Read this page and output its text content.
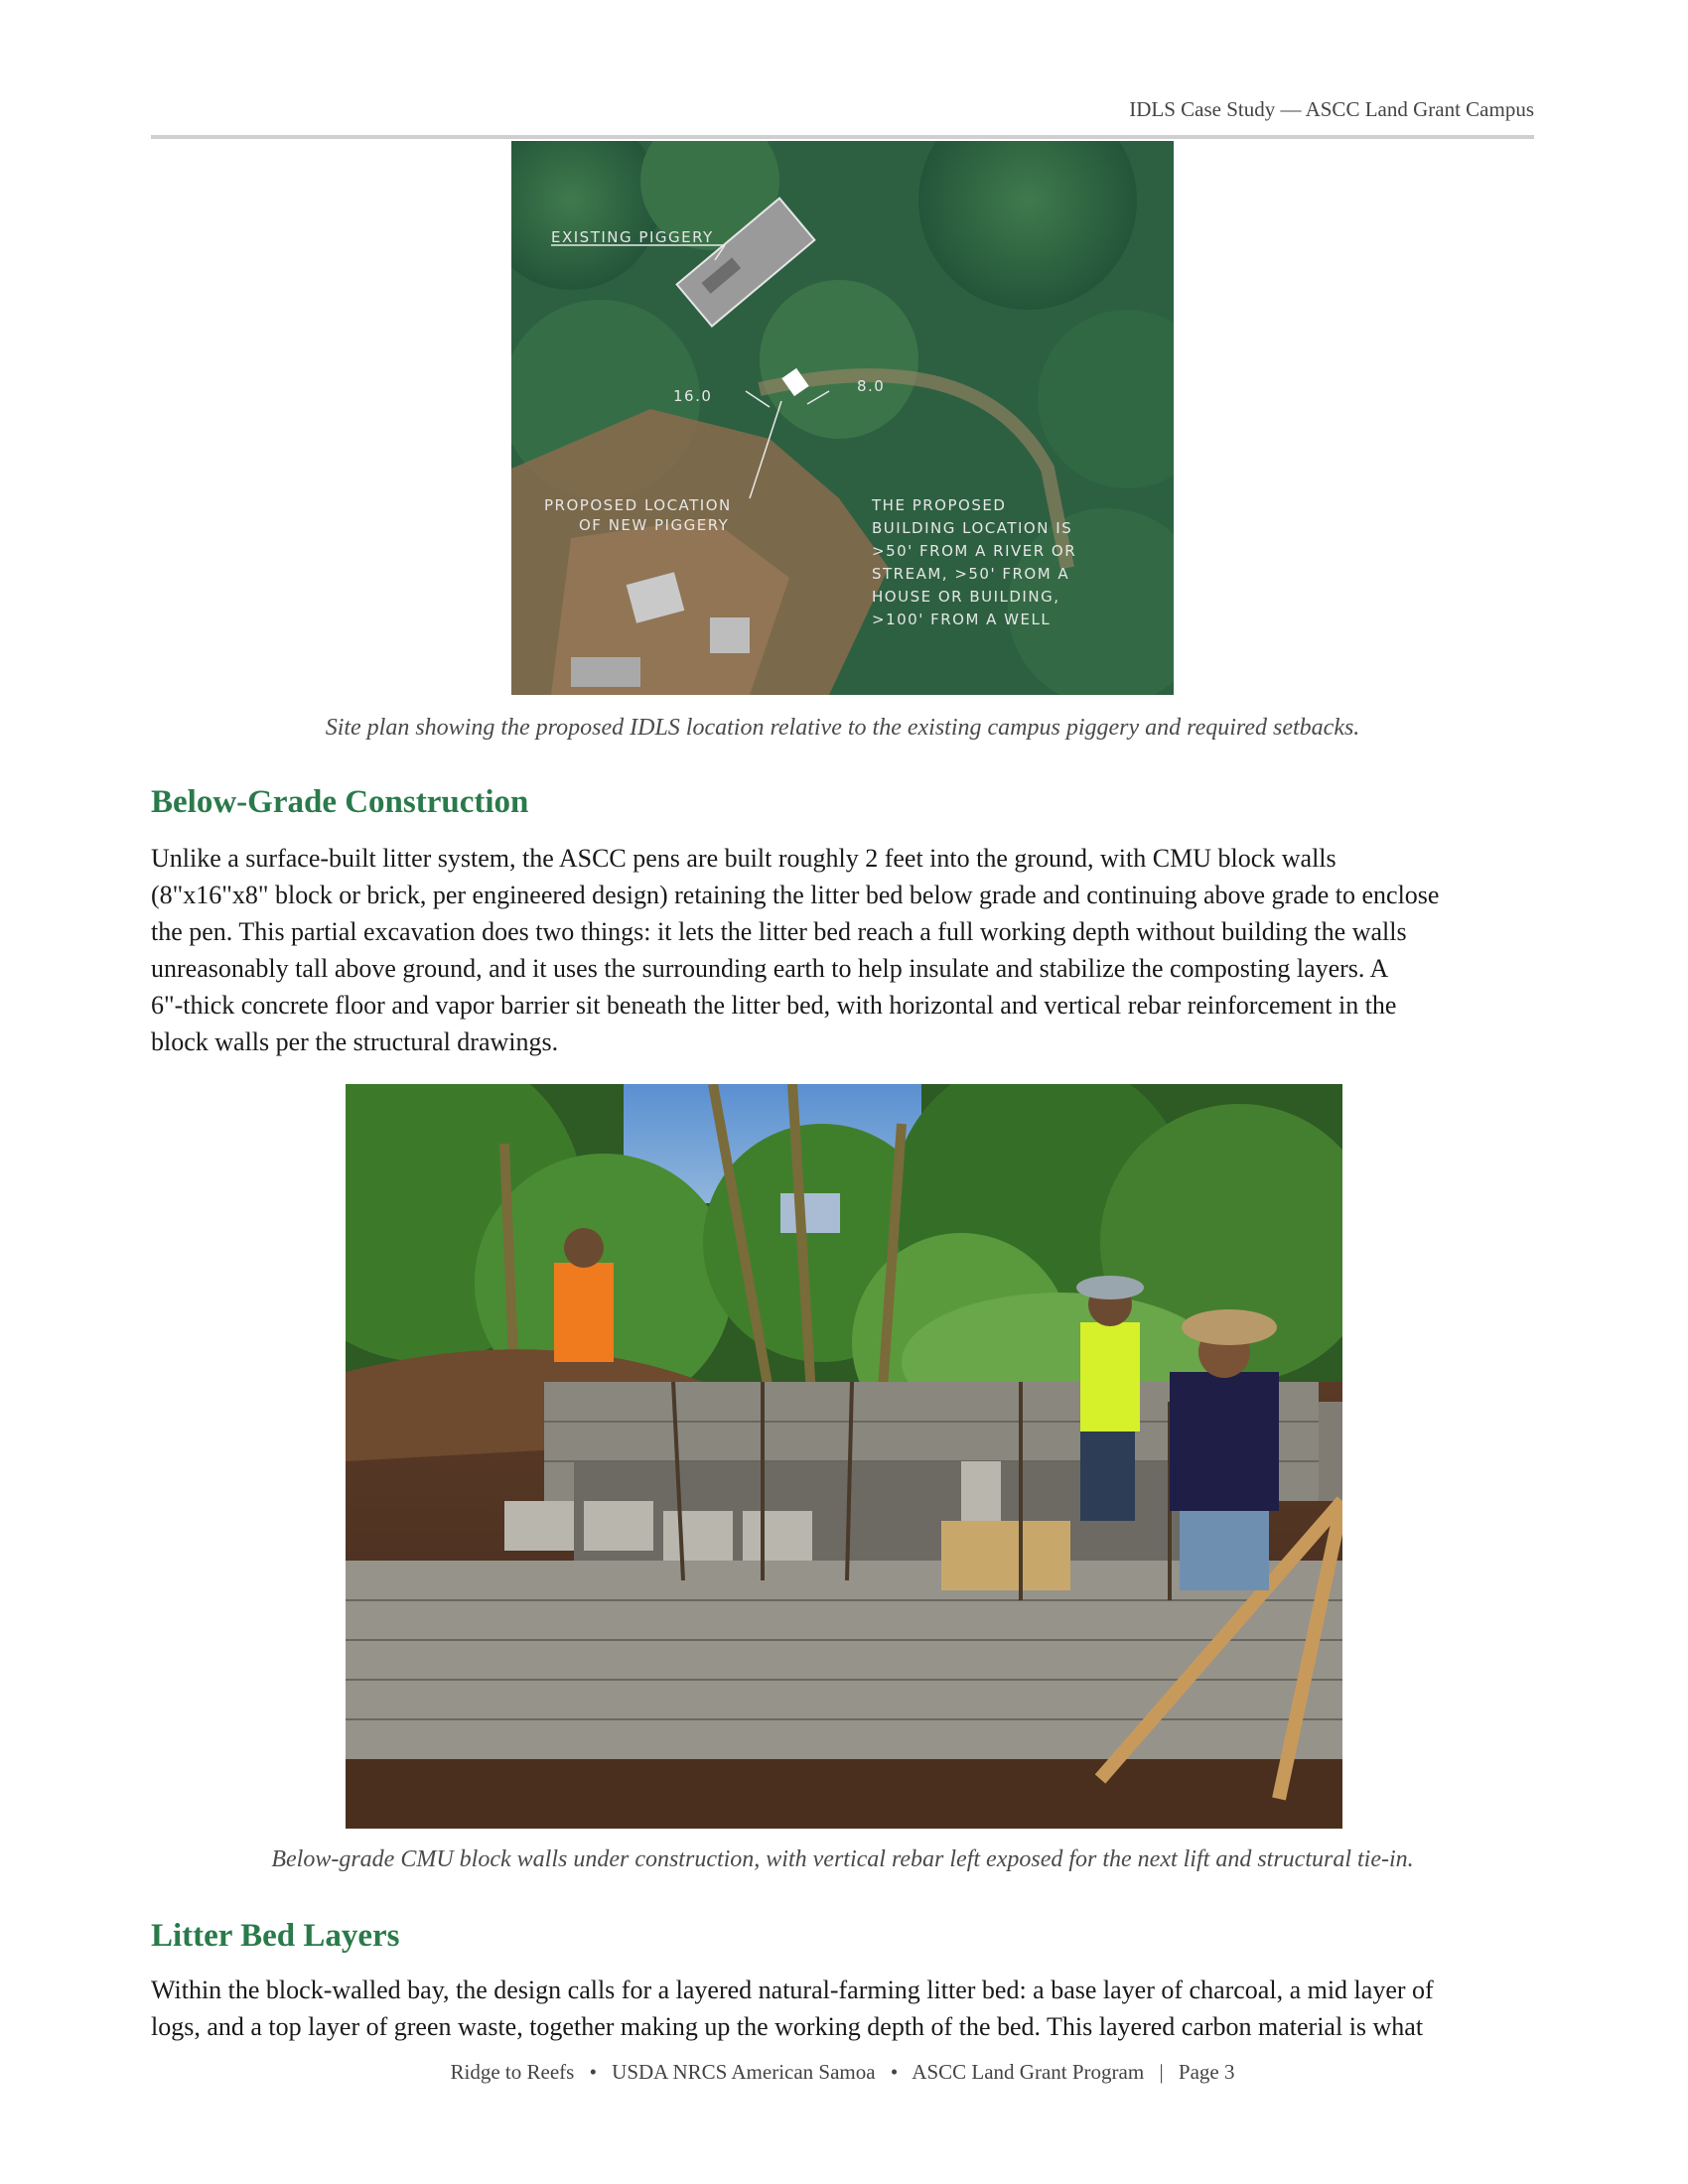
IDLS Case Study — ASCC Land Grant Campus
EXISTING PIGGERY
16.0
8.0
PROPOSED LOCATION
OF NEW PIGGERY
THE PROPOSED
BUILDING LOCATION IS
>50' FROM A RIVER OR
STREAM, >50' FROM A
HOUSE OR BUILDING,
>100' FROM A WELL
Site plan showing the proposed IDLS location relative to the existing campus piggery and required setbacks.
Below-Grade Construction
Unlike a surface-built litter system, the ASCC pens are built roughly 2 feet into the ground, with CMU block walls
(8"x16"x8" block or brick, per engineered design) retaining the litter bed below grade and continuing above grade to enclose
the pen. This partial excavation does two things: it lets the litter bed reach a full working depth without building the walls
unreasonably tall above ground, and it uses the surrounding earth to help insulate and stabilize the composting layers. A
6"-thick concrete floor and vapor barrier sit beneath the litter bed, with horizontal and vertical rebar reinforcement in the
block walls per the structural drawings.
Below-grade CMU block walls under construction, with vertical rebar left exposed for the next lift and structural tie-in.
Litter Bed Layers
Within the block-walled bay, the design calls for a layered natural-farming litter bed: a base layer of charcoal, a mid layer of
logs, and a top layer of green waste, together making up the working depth of the bed. This layered carbon material is what
Ridge to Reefs • USDA NRCS American Samoa • ASCC Land Grant Program | Page 3
